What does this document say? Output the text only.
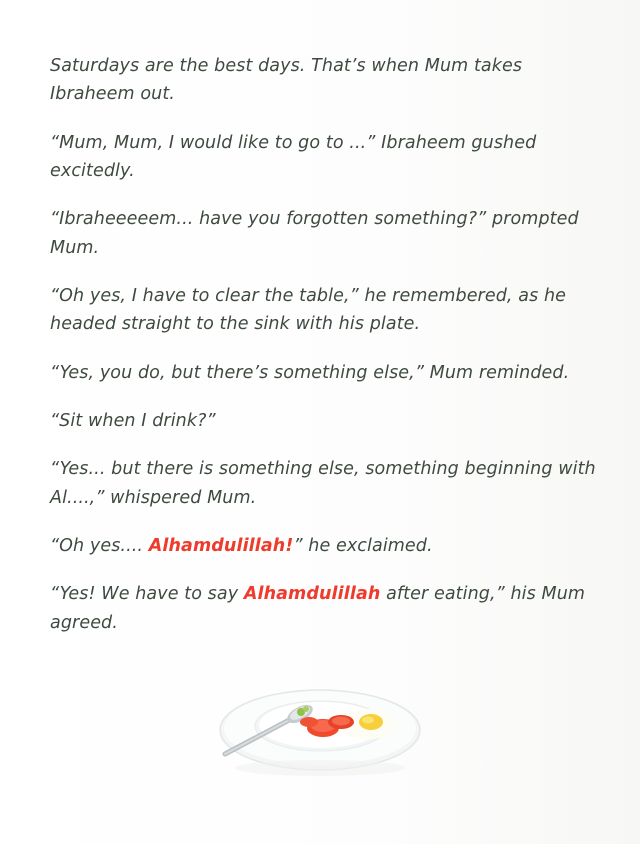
Saturdays are the best days. That’s when Mum takes Ibraheem out.

“Mum, Mum, I would like to go to ...” Ibraheem gushed excitedly.

“Ibraheeeeem... have you forgotten something?” prompted Mum.

“Oh yes, I have to clear the table,” he remembered, as he headed straight to the sink with his plate.

“Yes, you do, but there’s something else,” Mum reminded.

“Sit when I drink?”

“Yes... but there is something else, something beginning with Al....,” whispered Mum.

“Oh yes.... Alhamdulillah!” he exclaimed.

“Yes! We have to say Alhamdulillah after eating,” his Mum agreed.
